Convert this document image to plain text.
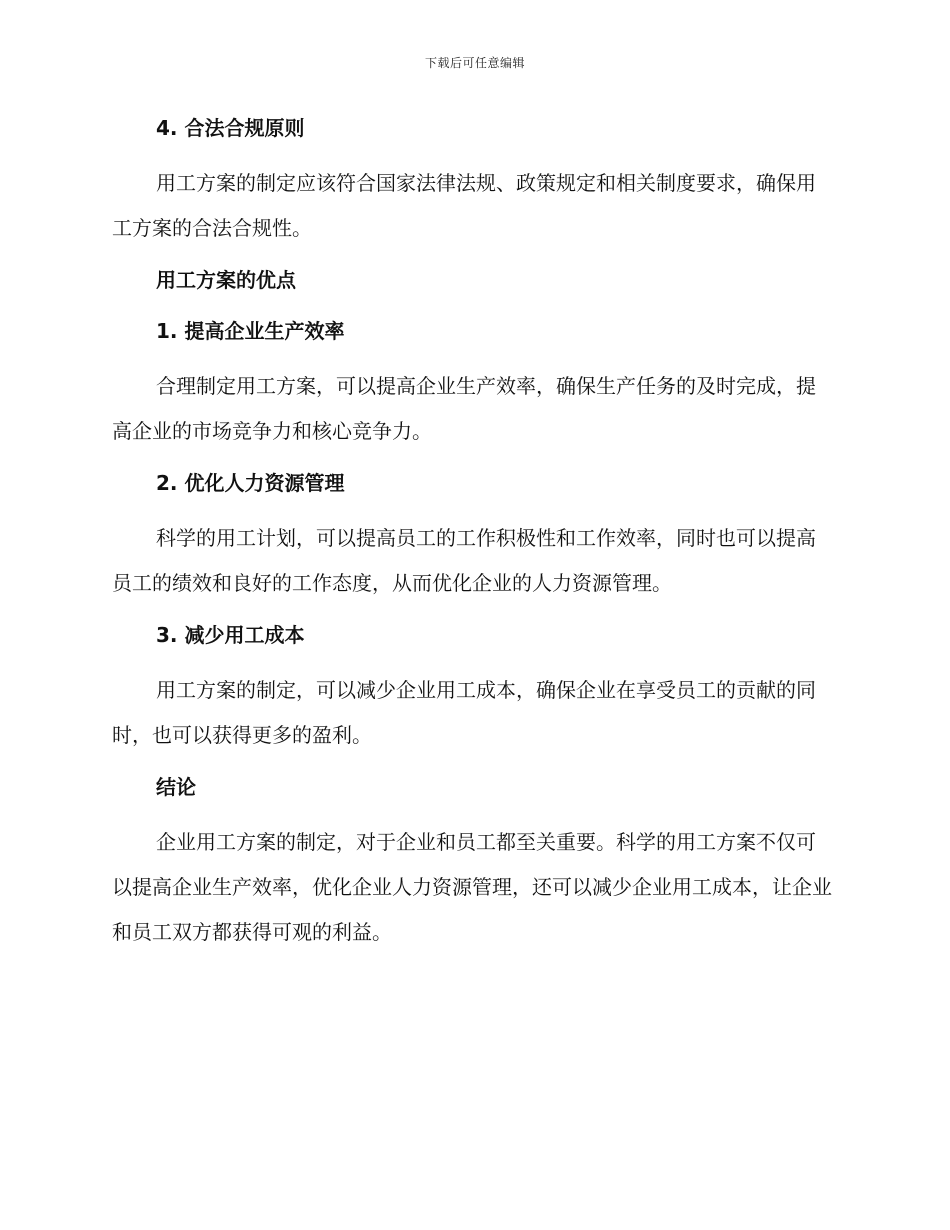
下载后可任意编辑
4. 合法合规原则

用工方案的制定应该符合国家法律法规、政策规定和相关制度要求，确保用工方案的合法合规性。

用工方案的优点
1. 提高企业生产效率

合理制定用工方案，可以提高企业生产效率，确保生产任务的及时完成，提高企业的市场竞争力和核心竞争力。

2. 优化人力资源管理

科学的用工计划，可以提高员工的工作积极性和工作效率，同时也可以提高员工的绩效和良好的工作态度，从而优化企业的人力资源管理。

3. 减少用工成本

用工方案的制定，可以减少企业用工成本，确保企业在享受员工的贡献的同时，也可以获得更多的盈利。

结论

企业用工方案的制定，对于企业和员工都至关重要。科学的用工方案不仅可以提高企业生产效率，优化企业人力资源管理，还可以减少企业用工成本，让企业和员工双方都获得可观的利益。
